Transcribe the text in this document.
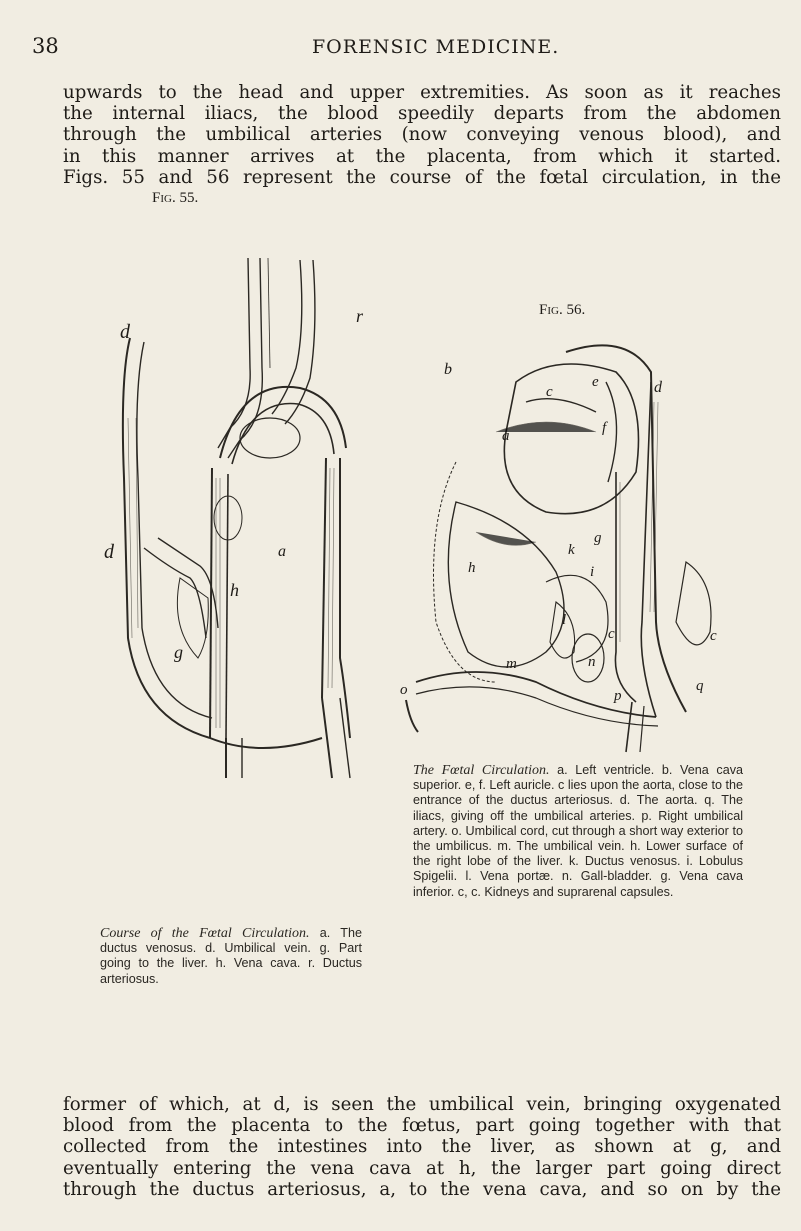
38	FORENSIC MEDICINE.
upwards to the head and upper extremities. As soon as it reaches
the internal iliacs, the blood speedily departs from the abdomen
through the umbilical arteries (now conveying venous blood), and
in this manner arrives at the placenta, from which it started.
Figs. 55 and 56 represent the course of the fœtal circulation, in the
Fig. 55.
Fig. 56.
d
d
r
a
h
g
b
d
e
f
c
a
h
k
g
i
l
c	c
m	n
p
o	q
The Fœtal Circulation. a. Left ventricle. b. Vena cava superior. e, f. Left auricle. c lies upon the aorta, close to the entrance of the ductus arteriosus. d. The aorta. q. The iliacs, giving off the umbilical arteries. p. Right umbilical artery. o. Umbilical cord, cut through a short way exterior to the umbilicus. m. The umbilical vein. h. Lower surface of the right lobe of the liver. k. Ductus venosus. i. Lobulus Spigelii. l. Vena portæ. n. Gall-bladder. g. Vena cava inferior. c, c. Kidneys and suprarenal capsules.
Course of the Fœtal Circulation. a. The ductus venosus. d. Umbilical vein. g. Part going to the liver. h. Vena cava. r. Ductus arteriosus.
former of which, at d, is seen the umbilical vein, bringing oxygenated
blood from the placenta to the fœtus, part going together with that
collected from the intestines into the liver, as shown at g, and
eventually entering the vena cava at h, the larger part going direct
through the ductus arteriosus, a, to the vena cava, and so on by the
